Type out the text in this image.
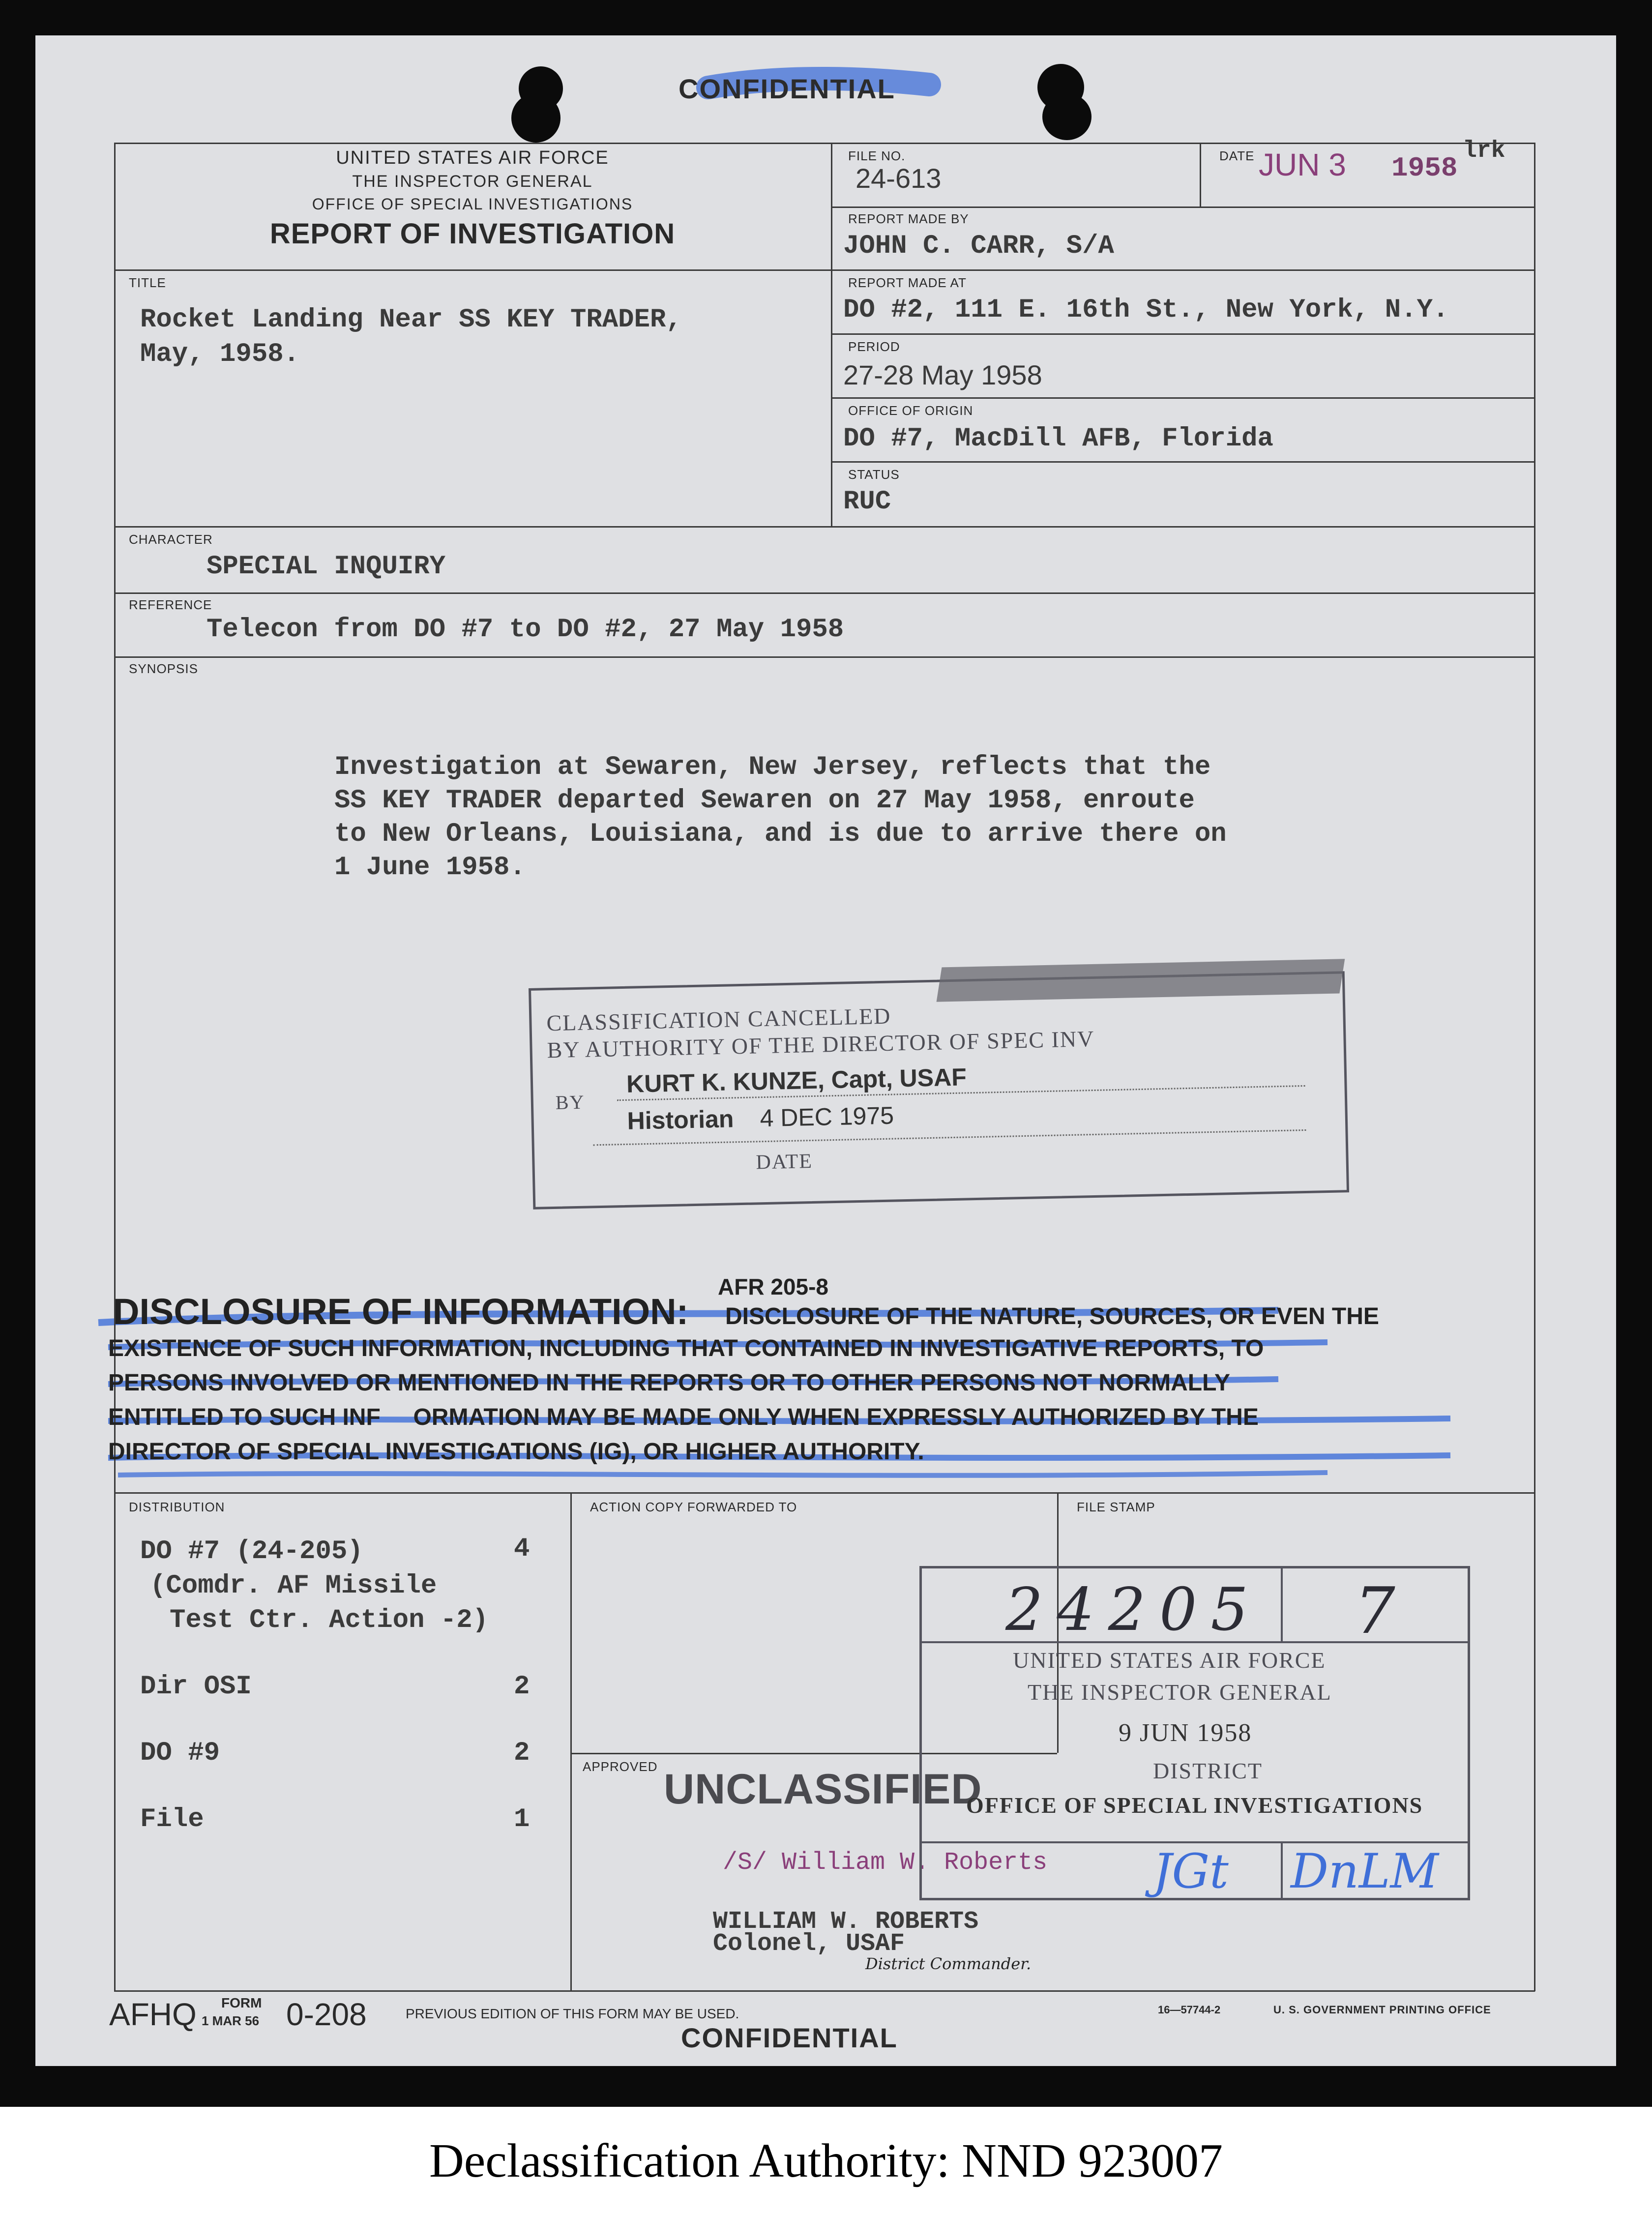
CONFIDENTIAL
UNITED STATES AIR FORCE
THE INSPECTOR GENERAL
OFFICE OF SPECIAL INVESTIGATIONS
REPORT OF INVESTIGATION
FILE NO.
24-613
DATE JUN 3 1958
lrk
REPORT MADE BY
JOHN C. CARR, S/A
TITLE
Rocket Landing Near SS KEY TRADER,
May, 1958.
REPORT MADE AT
DO #2, 111 E. 16th St., New York, N.Y.
PERIOD
27-28 May 1958
OFFICE OF ORIGIN
DO #7, MacDill AFB, Florida
STATUS
RUC
CHARACTER
SPECIAL INQUIRY
REFERENCE
Telecon from DO #7 to DO #2, 27 May 1958
SYNOPSIS
Investigation at Sewaren, New Jersey, reflects that the
SS KEY TRADER departed Sewaren on 27 May 1958, enroute
to New Orleans, Louisiana, and is due to arrive there on
1 June 1958.
CLASSIFICATION CANCELLED
BY AUTHORITY OF THE DIRECTOR OF SPEC INV
BY
KURT K. KUNZE, Capt, USAF
Historian 4 DEC 1975
DATE
AFR 205-8
DISCLOSURE OF INFORMATION: DISCLOSURE OF THE NATURE, SOURCES, OR EVEN THE
EXISTENCE OF SUCH INFORMATION, INCLUDING THAT CONTAINED IN INVESTIGATIVE REPORTS, TO
PERSONS INVOLVED OR MENTIONED IN THE REPORTS OR TO OTHER PERSONS NOT NORMALLY
ENTITLED TO SUCH INF     ORMATION MAY BE MADE ONLY WHEN EXPRESSLY AUTHORIZED BY THE
DIRECTOR OF SPECIAL INVESTIGATIONS (IG), OR HIGHER AUTHORITY.
DISTRIBUTION
DO #7 (24-205)	4
(Comdr. AF Missile
Test Ctr. Action -2)
Dir OSI	2
DO #9	2
File	1
ACTION COPY FORWARDED TO
APPROVED UNCLASSIFIED
/S/ William W. Roberts
WILLIAM W. ROBERTS
Colonel, USAF
District Commander.
FILE STAMP
24205 7
UNITED STATES AIR FORCE
THE INSPECTOR GENERAL
9 JUN 1958
DISTRICT
OFFICE OF SPECIAL INVESTIGATIONS
JGt DnLM
AFHQ FORM
1 MAR 56 0-208	PREVIOUS EDITION OF THIS FORM MAY BE USED.	16—57744-2	U. S. GOVERNMENT PRINTING OFFICE
CONFIDENTIAL
Declassification Authority: NND 923007
